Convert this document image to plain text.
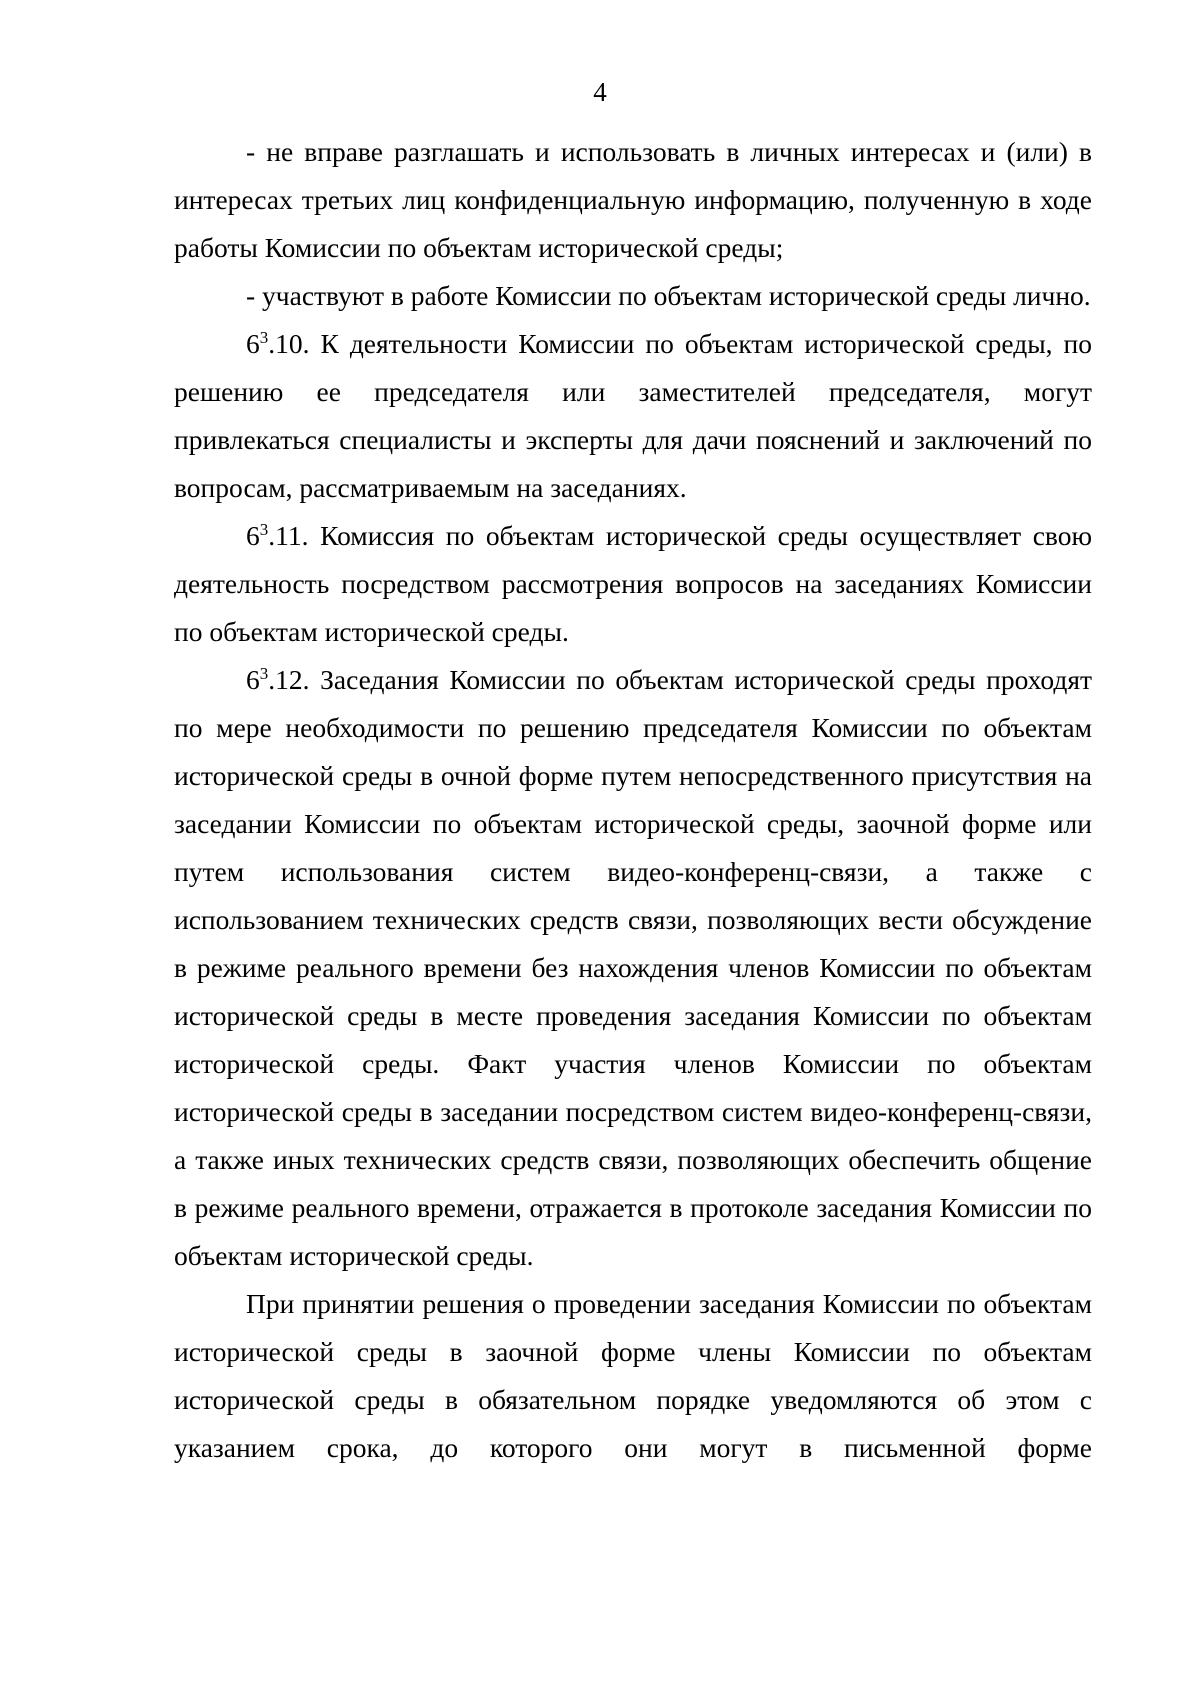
4

- не вправе разглашать и использовать в личных интересах и (или) в интересах третьих лиц конфиденциальную информацию, полученную в ходе работы Комиссии по объектам исторической среды;

- участвуют в работе Комиссии по объектам исторической среды лично.

$6^3.10$. К деятельности Комиссии по объектам исторической среды, по решению ее председателя или заместителей председателя, могут привлекаться специалисты и эксперты для дачи пояснений и заключений по вопросам, рассматриваемым на заседаниях.

$6^3.11$. Комиссия по объектам исторической среды осуществляет свою деятельность посредством рассмотрения вопросов на заседаниях Комиссии по объектам исторической среды.

$6^3.12$. Заседания Комиссии по объектам исторической среды проходят по мере необходимости по решению председателя Комиссии по объектам исторической среды в очной форме путем непосредственного присутствия на заседании Комиссии по объектам исторической среды, заочной форме или путем использования систем видео-конференц-связи, а также с использованием технических средств связи, позволяющих вести обсуждение в режиме реального времени без нахождения членов Комиссии по объектам исторической среды в месте проведения заседания Комиссии по объектам исторической среды. Факт участия членов Комиссии по объектам исторической среды в заседании посредством систем видео-конференц-связи, а также иных технических средств связи, позволяющих обеспечить общение в режиме реального времени, отражается в протоколе заседания Комиссии по объектам исторической среды.

При принятии решения о проведении заседания Комиссии по объектам исторической среды в заочной форме члены Комиссии по объектам исторической среды в обязательном порядке уведомляются об этом с указанием срока, до которого они могут в письменной форме
